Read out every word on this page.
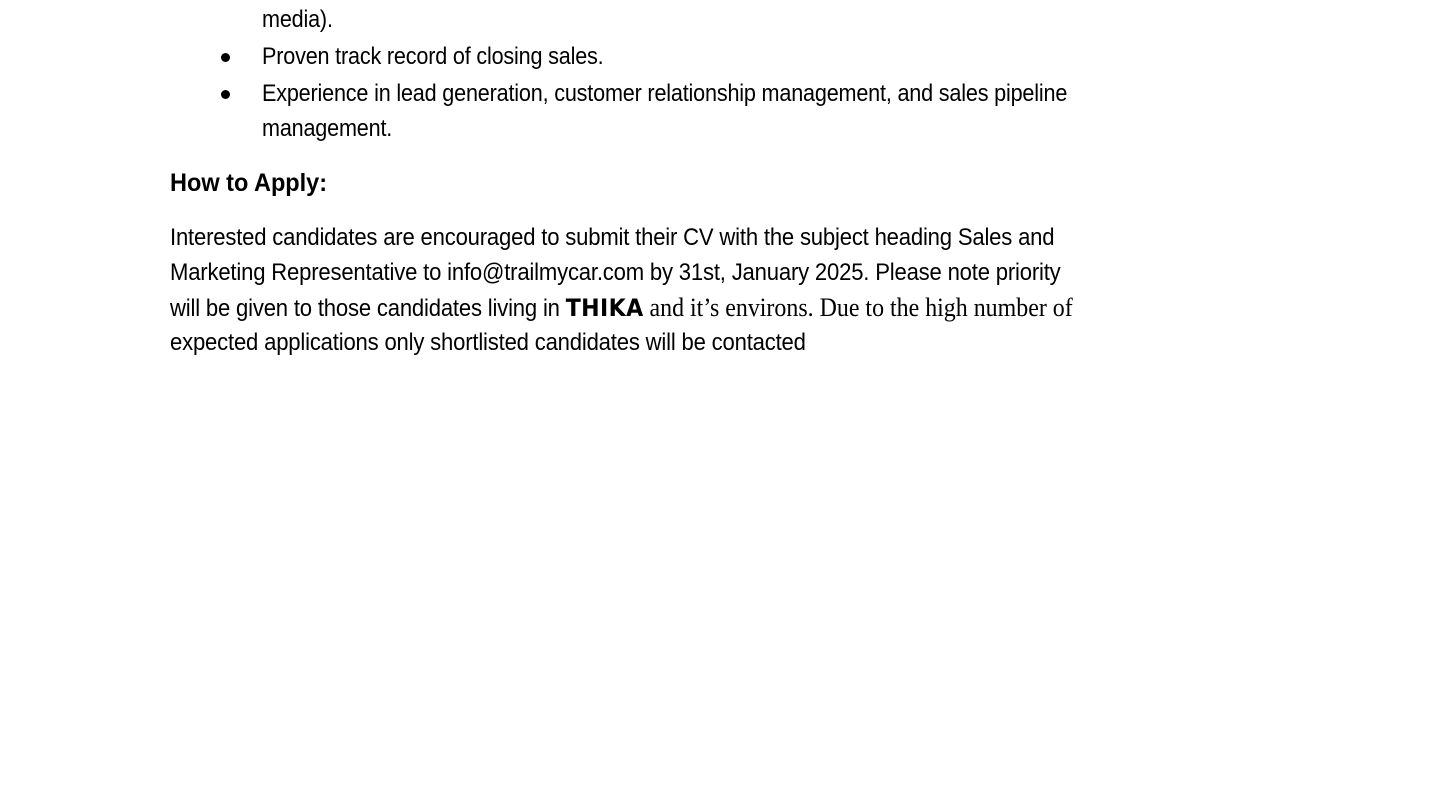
media).
Proven track record of closing sales.
Experience in lead generation, customer relationship management, and sales pipeline
management.
How to Apply:
Interested candidates are encouraged to submit their CV with the subject heading Sales and
Marketing Representative to info@trailmycar.com by 31st, January 2025. Please note priority
will be given to those candidates living in THIKA and it’s environs. Due to the high number of
expected applications only shortlisted candidates will be contacted
